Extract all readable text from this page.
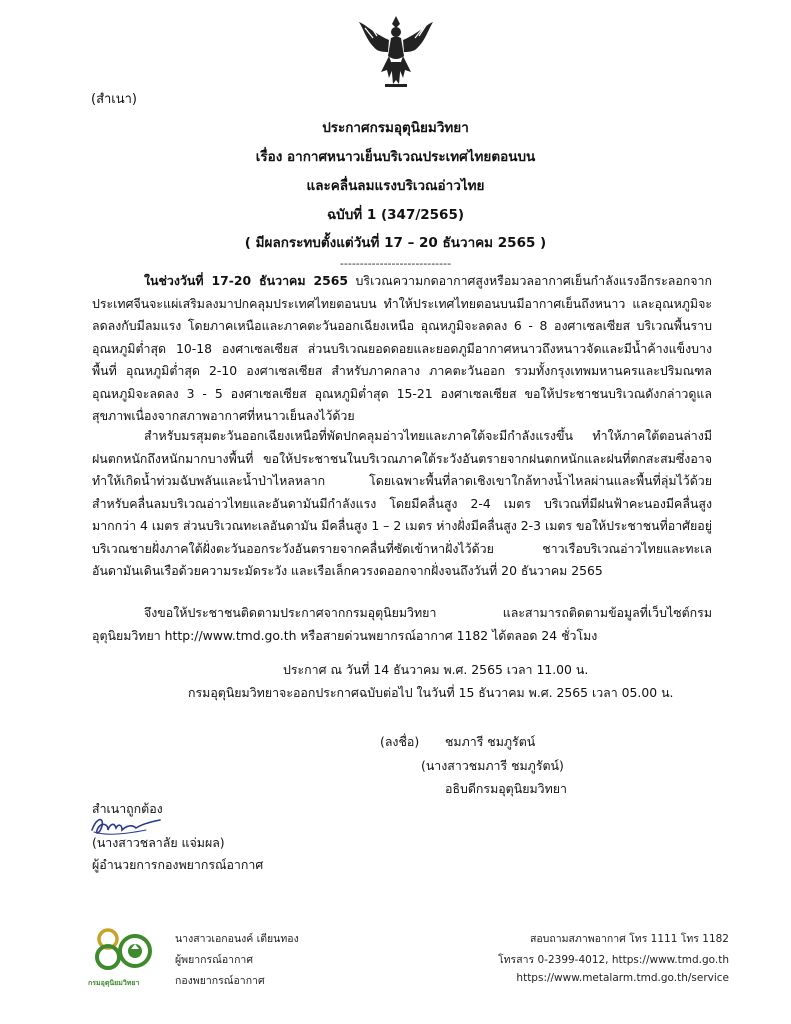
(สำเนา)
ประกาศกรมอุตุนิยมวิทยา
เรื่อง อากาศหนาวเย็นบริเวณประเทศไทยตอนบน
และคลื่นลมแรงบริเวณอ่าวไทย
ฉบับที่ 1 (347/2565)
( มีผลกระทบตั้งแต่วันที่ 17 – 20 ธันวาคม 2565 )
----------------------------
ในช่วงวันที่ 17-20 ธันวาคม 2565 บริเวณความกดอากาศสูงหรือมวลอากาศเย็นกำลังแรงอีกระลอกจากประเทศจีนจะแผ่เสริมลงมาปกคลุมประเทศไทยตอนบน ทำให้ประเทศไทยตอนบนมีอากาศเย็นถึงหนาว และอุณหภูมิจะลดลงกับมีลมแรง โดยภาคเหนือและภาคตะวันออกเฉียงเหนือ อุณหภูมิจะลดลง 6 - 8 องศาเซลเซียส บริเวณพื้นราบอุณหภูมิต่ำสุด 10-18 องศาเซลเซียส ส่วนบริเวณยอดดอยและยอดภูมีอากาศหนาวถึงหนาวจัดและมีน้ำค้างแข็งบางพื้นที่ อุณหภูมิต่ำสุด 2-10 องศาเซลเซียส สำหรับภาคกลาง ภาคตะวันออก รวมทั้งกรุงเทพมหานครและปริมณฑล อุณหภูมิจะลดลง 3 - 5 องศาเซลเซียส อุณหภูมิต่ำสุด 15-21 องศาเซลเซียส ขอให้ประชาชนบริเวณดังกล่าวดูแลสุขภาพเนื่องจากสภาพอากาศที่หนาวเย็นลงไว้ด้วย
สำหรับมรสุมตะวันออกเฉียงเหนือที่พัดปกคลุมอ่าวไทยและภาคใต้จะมีกำลังแรงขึ้น ทำให้ภาคใต้ตอนล่างมีฝนตกหนักถึงหนักมากบางพื้นที่ ขอให้ประชาชนในบริเวณภาคใต้ระวังอันตรายจากฝนตกหนักและฝนที่ตกสะสมซึ่งอาจทำให้เกิดน้ำท่วมฉับพลันและน้ำป่าไหลหลาก โดยเฉพาะพื้นที่ลาดเชิงเขาใกล้ทางน้ำไหลผ่านและพื้นที่ลุ่มไว้ด้วย สำหรับคลื่นลมบริเวณอ่าวไทยและอันดามันมีกำลังแรง โดยมีคลื่นสูง 2-4 เมตร บริเวณที่มีฝนฟ้าคะนองมีคลื่นสูงมากกว่า 4 เมตร ส่วนบริเวณทะเลอันดามัน มีคลื่นสูง 1 – 2 เมตร ห่างฝั่งมีคลื่นสูง 2-3 เมตร ขอให้ประชาชนที่อาศัยอยู่บริเวณชายฝั่งภาคใต้ฝั่งตะวันออกระวังอันตรายจากคลื่นที่ซัดเข้าหาฝั่งไว้ด้วย ชาวเรือบริเวณอ่าวไทยและทะเลอันดามันเดินเรือด้วยความระมัดระวัง และเรือเล็กควรงดออกจากฝั่งจนถึงวันที่ 20 ธันวาคม 2565
จึงขอให้ประชาชนติดตามประกาศจากกรมอุตุนิยมวิทยา และสามารถติดตามข้อมูลที่เว็บไซต์กรมอุตุนิยมวิทยา http://www.tmd.go.th หรือสายด่วนพยากรณ์อากาศ 1182 ได้ตลอด 24 ชั่วโมง
ประกาศ ณ วันที่ 14 ธันวาคม พ.ศ. 2565 เวลา 11.00 น.
กรมอุตุนิยมวิทยาจะออกประกาศฉบับต่อไป ในวันที่ 15 ธันวาคม พ.ศ. 2565 เวลา 05.00 น.
(ลงชื่อ) ชมภารี ชมภูรัตน์
(นางสาวชมภารี ชมภูรัตน์)
อธิบดีกรมอุตุนิยมวิทยา
สำเนาถูกต้อง
(นางสาวชลาลัย แจ่มผล)
ผู้อำนวยการกองพยากรณ์อากาศ
กรมอุตุนิยมวิทยา
นางสาวเอกอนงค์ เตียนทอง
ผู้พยากรณ์อากาศ
กองพยากรณ์อากาศ
สอบถามสภาพอากาศ โทร 1111 โทร 1182
โทรสาร 0-2399-4012, https://www.tmd.go.th
https://www.metalarm.tmd.go.th/service
